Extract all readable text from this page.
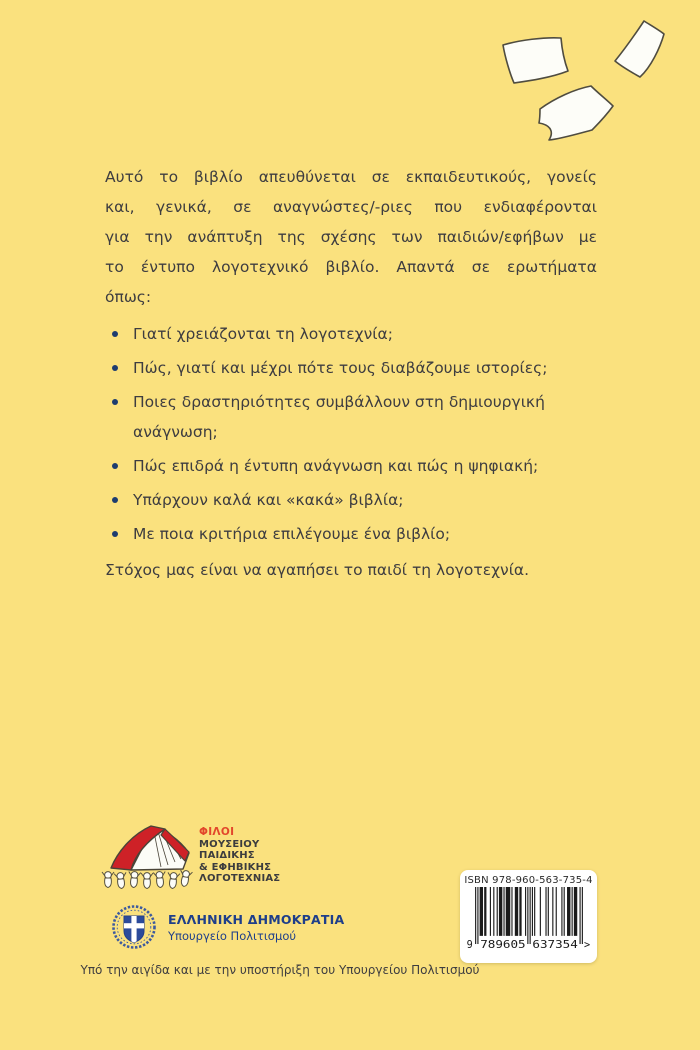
Αυτό το βιβλίο απευθύνεται σε εκπαιδευτικούς, γονείς
και, γενικά, σε αναγνώστες/-ριες που ενδιαφέρονται
για την ανάπτυξη της σχέσης των παιδιών/εφήβων με
το έντυπο λογοτεχνικό βιβλίο. Απαντά σε ερωτήματα
όπως:
Γιατί χρειάζονται τη λογοτεχνία;
Πώς, γιατί και μέχρι πότε τους διαβάζουμε ιστορίες;
Ποιες δραστηριότητες συμβάλλουν στη δημιουργική ανάγνωση;
Πώς επιδρά η έντυπη ανάγνωση και πώς η ψηφιακή;
Υπάρχουν καλά και «κακά» βιβλία;
Με ποια κριτήρια επιλέγουμε ένα βιβλίο;
Στόχος μας είναι να αγαπήσει το παιδί τη λογοτεχνία.
ΦΙΛΟΙ
ΜΟΥΣΕΙΟΥ
ΠΑΙΔΙΚΗΣ
& ΕΦΗΒΙΚΗΣ
ΛΟΓΟΤΕΧΝΙΑΣ
ΕΛΛΗΝΙΚΗ ΔΗΜΟΚΡΑΤΙΑ
Υπουργείο Πολιτισμού
Υπό την αιγίδα και με την υποστήριξη του Υπουργείου Πολιτισμού
ISBN 978-960-563-735-4
9 789605 637354 >
